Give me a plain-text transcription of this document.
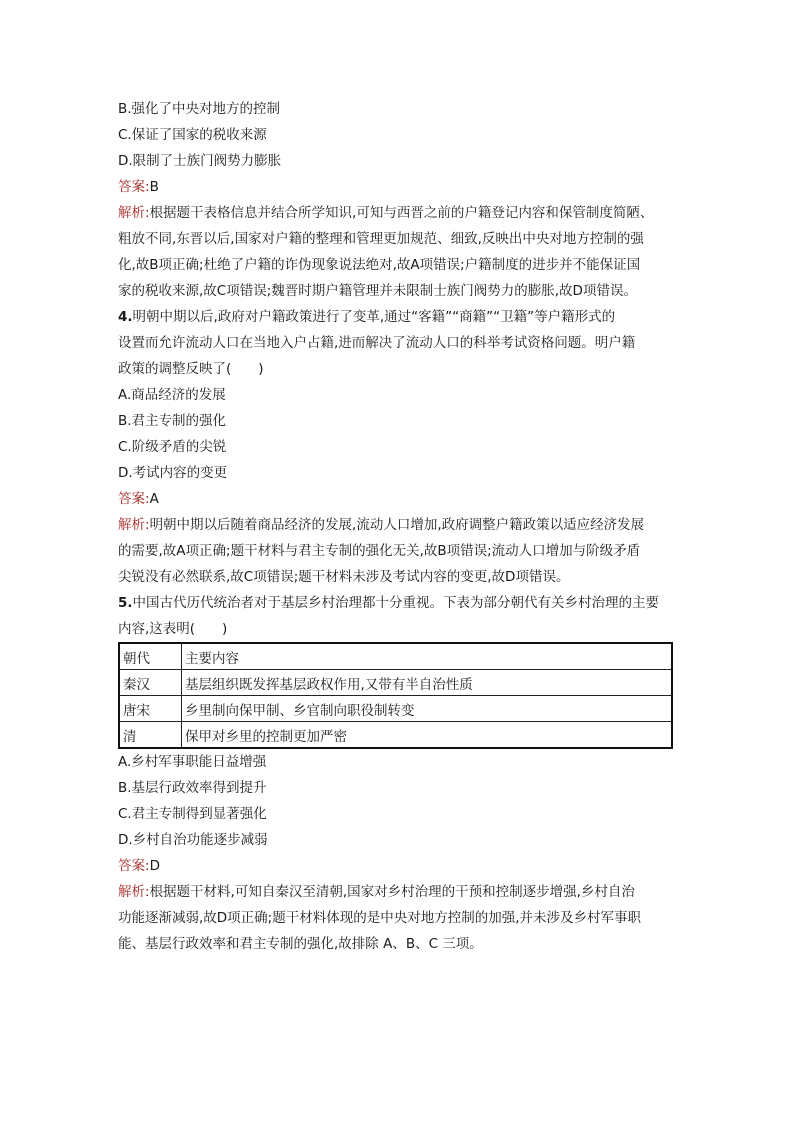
B.强化了中央对地方的控制
C.保证了国家的税收来源
D.限制了士族门阀势力膨胀
答案:B
解析:根据题干表格信息并结合所学知识,可知与西晋之前的户籍登记内容和保管制度简陋、
粗放不同,东晋以后,国家对户籍的整理和管理更加规范、细致,反映出中央对地方控制的强
化,故B项正确;杜绝了户籍的诈伪现象说法绝对,故A项错误;户籍制度的进步并不能保证国
家的税收来源,故C项错误;魏晋时期户籍管理并未限制士族门阀势力的膨胀,故D项错误。
4.明朝中期以后,政府对户籍政策进行了变革,通过“客籍”“商籍”“卫籍”等户籍形式的
设置而允许流动人口在当地入户占籍,进而解决了流动人口的科举考试资格问题。明户籍
政策的调整反映了(　　)
A.商品经济的发展
B.君主专制的强化
C.阶级矛盾的尖锐
D.考试内容的变更
答案:A
解析:明朝中期以后随着商品经济的发展,流动人口增加,政府调整户籍政策以适应经济发展
的需要,故A项正确;题干材料与君主专制的强化无关,故B项错误;流动人口增加与阶级矛盾
尖锐没有必然联系,故C项错误;题干材料未涉及考试内容的变更,故D项错误。
5.中国古代历代统治者对于基层乡村治理都十分重视。下表为部分朝代有关乡村治理的主要
内容,这表明(　　)
朝代	主要内容
秦汉	基层组织既发挥基层政权作用,又带有半自治性质
唐宋	乡里制向保甲制、乡官制向职役制转变
清	保甲对乡里的控制更加严密
A.乡村军事职能日益增强
B.基层行政效率得到提升
C.君主专制得到显著强化
D.乡村自治功能逐步减弱
答案:D
解析:根据题干材料,可知自秦汉至清朝,国家对乡村治理的干预和控制逐步增强,乡村自治
功能逐渐减弱,故D项正确;题干材料体现的是中央对地方控制的加强,并未涉及乡村军事职
能、基层行政效率和君主专制的强化,故排除 A、B、C 三项。
